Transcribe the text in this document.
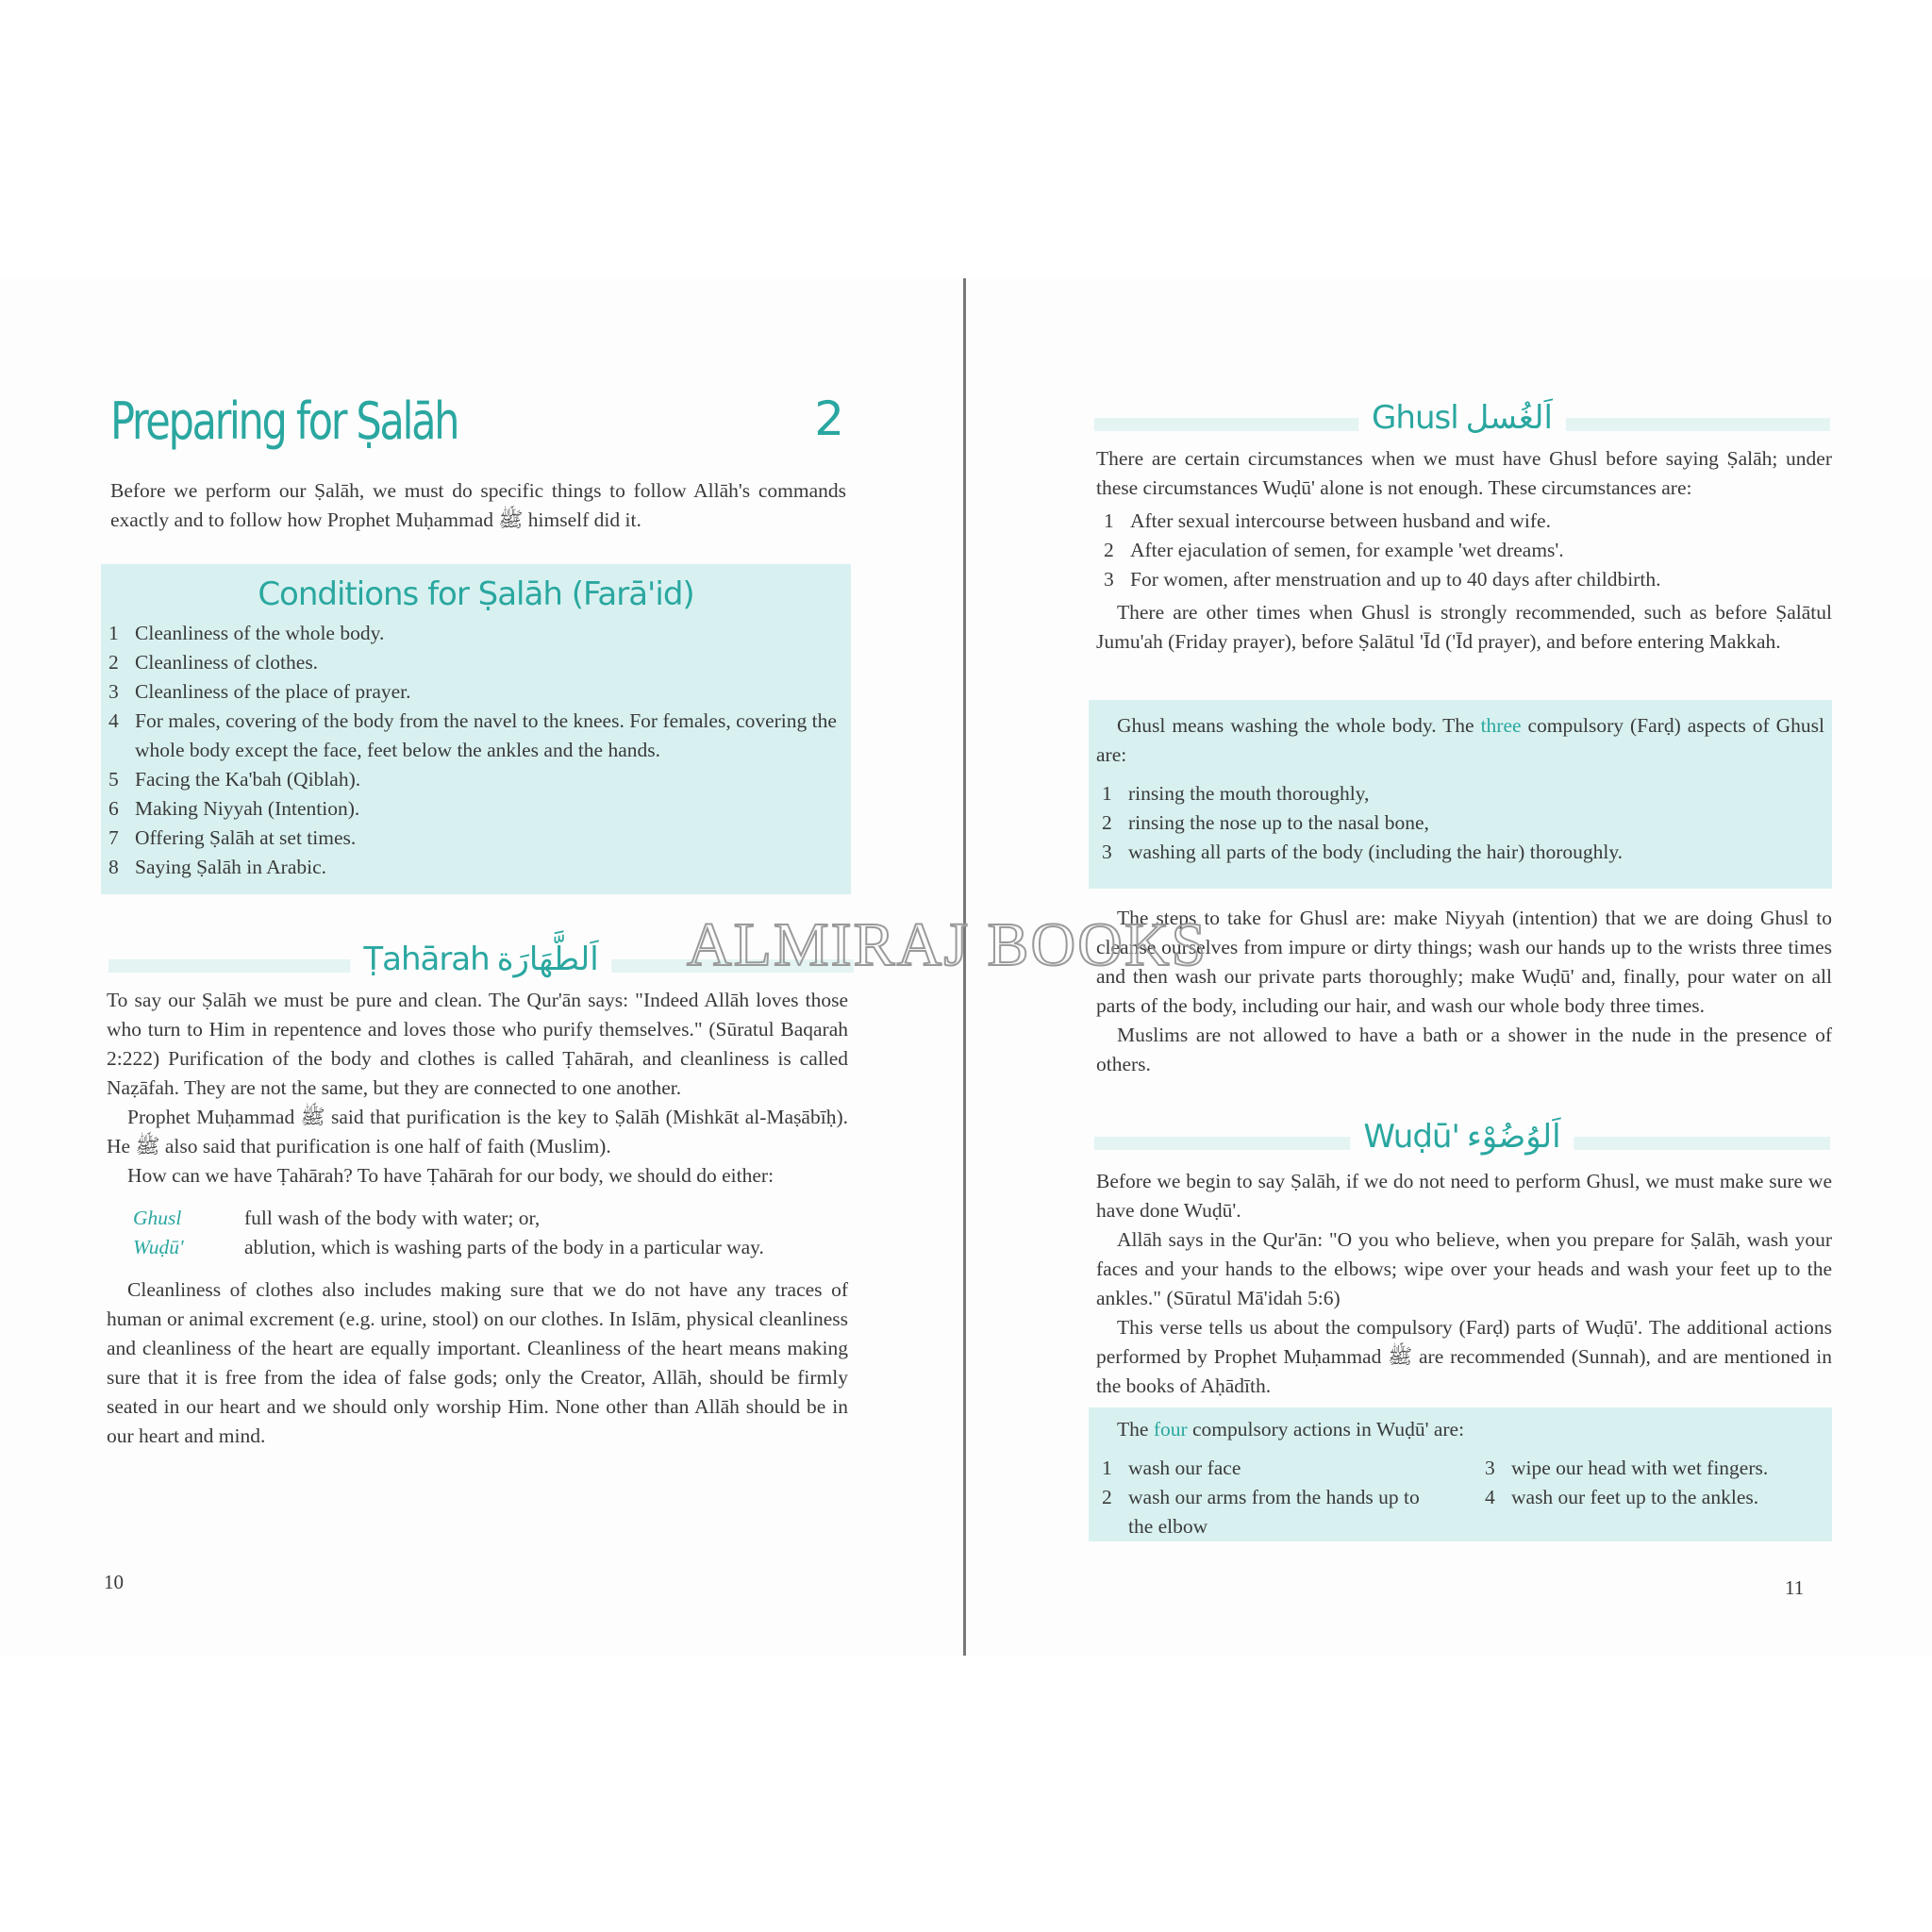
Preparing for Ṣalāh	2

Before we perform our Ṣalāh, we must do specific things to follow Allāh's commands exactly and to follow how Prophet Muḥammad ﷺ himself did it.

Conditions for Ṣalāh (Farā'id)
1 Cleanliness of the whole body.
2 Cleanliness of clothes.
3 Cleanliness of the place of prayer.
4 For males, covering of the body from the navel to the knees. For females, covering the whole body except the face, feet below the ankles and the hands.
5 Facing the Ka'bah (Qiblah).
6 Making Niyyah (Intention).
7 Offering Ṣalāh at set times.
8 Saying Ṣalāh in Arabic.
Ṭahārah اَلطَّهَارَة

To say our Ṣalāh we must be pure and clean. The Qur'ān says: "Indeed Allāh loves those who turn to Him in repentence and loves those who purify themselves." (Sūratul Baqarah 2:222) Purification of the body and clothes is called Ṭahārah, and cleanliness is called Naẓāfah. They are not the same, but they are connected to one another.

Prophet Muḥammad ﷺ said that purification is the key to Ṣalāh (Mishkāt al-Maṣābīḥ). He ﷺ also said that purification is one half of faith (Muslim).

How can we have Ṭahārah? To have Ṭahārah for our body, we should do either:

Ghusl	full wash of the body with water; or,
Wuḍū'	ablution, which is washing parts of the body in a particular way.

Cleanliness of clothes also includes making sure that we do not have any traces of human or animal excrement (e.g. urine, stool) on our clothes. In Islām, physical cleanliness and cleanliness of the heart are equally important. Cleanliness of the heart means making sure that it is free from the idea of false gods; only the Creator, Allāh, should be firmly seated in our heart and we should only worship Him. None other than Allāh should be in our heart and mind.

10
Ghusl اَلغُسل

There are certain circumstances when we must have Ghusl before saying Ṣalāh; under these circumstances Wuḍū' alone is not enough. These circumstances are:

1 After sexual intercourse between husband and wife.
2 After ejaculation of semen, for example 'wet dreams'.
3 For women, after menstruation and up to 40 days after childbirth.

There are other times when Ghusl is strongly recommended, such as before Ṣalātul Jumu'ah (Friday prayer), before Ṣalātul 'Īd ('Īd prayer), and before entering Makkah.

Ghusl means washing the whole body. The three compulsory (Farḍ) aspects of Ghusl are:

1 rinsing the mouth thoroughly,
2 rinsing the nose up to the nasal bone,
3 washing all parts of the body (including the hair) thoroughly.

The steps to take for Ghusl are: make Niyyah (intention) that we are doing Ghusl to cleanse ourselves from impure or dirty things; wash our hands up to the wrists three times and then wash our private parts thoroughly; make Wuḍū' and, finally, pour water on all parts of the body, including our hair, and wash our whole body three times.

Muslims are not allowed to have a bath or a shower in the nude in the presence of others.

Wuḍū' اَلوُضُوْء

Before we begin to say Ṣalāh, if we do not need to perform Ghusl, we must make sure we have done Wuḍū'.

Allāh says in the Qur'ān: "O you who believe, when you prepare for Ṣalāh, wash your faces and your hands to the elbows; wipe over your heads and wash your feet up to the ankles." (Sūratul Mā'idah 5:6)

This verse tells us about the compulsory (Farḍ) parts of Wuḍū'. The additional actions performed by Prophet Muḥammad ﷺ are recommended (Sunnah), and are mentioned in the books of Aḥādīth.

The four compulsory actions in Wuḍū' are:

1 wash our face
2 wash our arms from the hands up to the elbow
3 wipe our head with wet fingers.
4 wash our feet up to the ankles.
11
ALMIRAJ BOOKS
